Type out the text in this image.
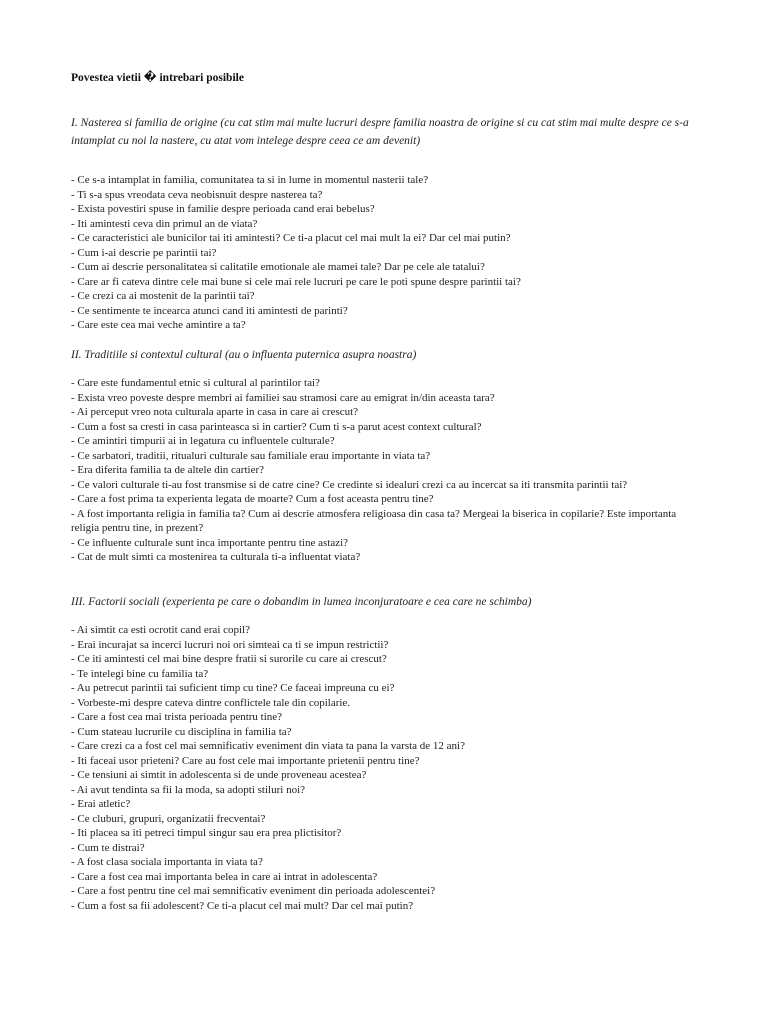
Povestea vietii � intrebari posibile

I. Nasterea si familia de origine (cu cat stim mai multe lucruri despre familia noastra de origine si cu cat stim mai multe despre ce s-a intamplat cu noi la nastere, cu atat vom intelege despre ceea ce am devenit)

- Ce s-a intamplat in familia, comunitatea ta si in lume in momentul nasterii tale?
- Ti s-a spus vreodata ceva neobisnuit despre nasterea ta?
- Exista povestiri spuse in familie despre perioada cand erai bebelus?
- Iti amintesti ceva din primul an de viata?
- Ce caracteristici ale bunicilor tai iti amintesti? Ce ti-a placut cel mai mult la ei? Dar cel mai putin?
- Cum i-ai descrie pe parintii tai?
- Cum ai descrie personalitatea si calitatile emotionale ale mamei tale? Dar pe cele ale tatalui?
- Care ar fi cateva dintre cele mai bune si cele mai rele lucruri pe care le poti spune despre parintii tai?
- Ce crezi ca ai mostenit de la parintii tai?
- Ce sentimente te incearca atunci cand iti amintesti de parinti?
- Care este cea mai veche amintire a ta?

II. Traditiile si contextul cultural (au o influenta puternica asupra noastra)

- Care este fundamentul etnic si cultural al parintilor tai?
- Exista vreo poveste despre membri ai familiei sau stramosi care au emigrat in/din aceasta tara?
- Ai perceput vreo nota culturala aparte in casa in care ai crescut?
- Cum a fost sa cresti in casa parinteasca si in cartier? Cum ti s-a parut acest context cultural?
- Ce amintiri timpurii ai in legatura cu influentele culturale?
- Ce sarbatori, traditii, ritualuri culturale sau familiale erau importante in viata ta?
- Era diferita familia ta de altele din cartier?
- Ce valori culturale ti-au fost transmise si de catre cine? Ce credinte si idealuri crezi ca au incercat sa iti transmita parintii tai?
- Care a fost prima ta experienta legata de moarte? Cum a fost aceasta pentru tine?
- A fost importanta religia in familia ta? Cum ai descrie atmosfera religioasa din casa ta? Mergeai la biserica in copilarie? Este importanta religia pentru tine, in prezent?
- Ce influente culturale sunt inca importante pentru tine astazi?
- Cat de mult simti ca mostenirea ta culturala ti-a influentat viata?

III. Factorii sociali (experienta pe care o dobandim in lumea inconjuratoare e cea care ne schimba)

- Ai simtit ca esti ocrotit cand erai copil?
- Erai incurajat sa incerci lucruri noi ori simteai ca ti se impun restrictii?
- Ce iti amintesti cel mai bine despre fratii si surorile cu care ai crescut?
- Te intelegi bine cu familia ta?
- Au petrecut parintii tai suficient timp cu tine? Ce faceai impreuna cu ei?
- Vorbeste-mi despre cateva dintre conflictele tale din copilarie.
- Care a fost cea mai trista perioada pentru tine?
- Cum stateau lucrurile cu disciplina in familia ta?
- Care crezi ca a fost cel mai semnificativ eveniment din viata ta pana la varsta de 12 ani?
- Iti faceai usor prieteni? Care au fost cele mai importante prietenii pentru tine?
- Ce tensiuni ai simtit in adolescenta si de unde proveneau acestea?
- Ai avut tendinta sa fii la moda, sa adopti stiluri noi?
- Erai atletic?
- Ce cluburi, grupuri, organizatii frecventai?
- Iti placea sa iti petreci timpul singur sau era prea plictisitor?
- Cum te distrai?
- A fost clasa sociala importanta in viata ta?
- Care a fost cea mai importanta belea in care ai intrat in adolescenta?
- Care a fost pentru tine cel mai semnificativ eveniment din perioada adolescentei?
- Cum a fost sa fii adolescent? Ce ti-a placut cel mai mult? Dar cel mai putin?
